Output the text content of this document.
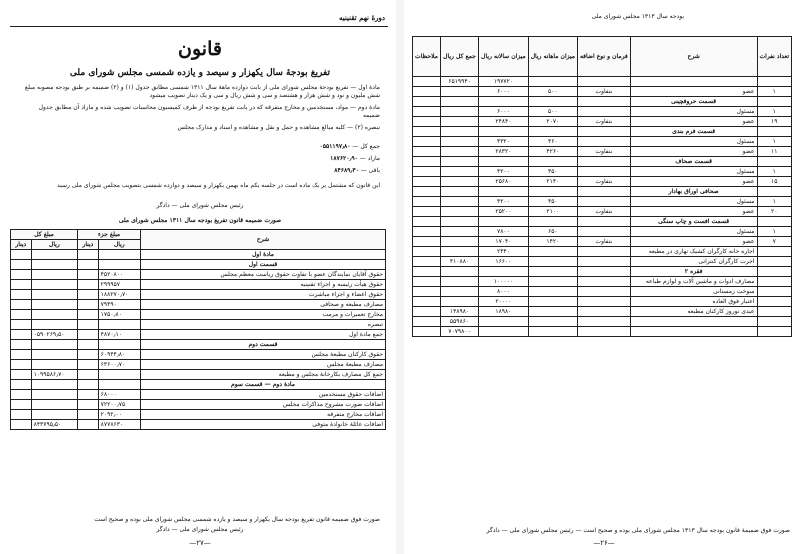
دورهٔ نهم تقنینیه
قانون
تفریغ بودجهٔ سال یکهزار و سیصد و یازده شمسی مجلس شورای ملی
مادهٔ اول — تفریغ بودجهٔ مجلس شورای ملی از بابت دوازده ماههٔ سال ۱۳۱۱ شمسی مطابق جدول (۱) و (۲) ضمیمه بر طبق بودجه مصوبه مبلغ شش ملیون و نود و شش هزار و هشتصد و سی و شش ریال و سی و یک دینار تصویب میشود
مادهٔ دوم — مواد، مستخدمین و مخارج متفرقه که در بابت تفریغ بودجه از طرف کمیسیون محاسبات تصویب شده و مازاد آن مطابق جدول ضمیمه
تبصره (۲) — کلیه مبالغ مشاهده و حمل و نقل و مشاهده و اسناد و مدارک مجلس
جمع کل — ۰۵۵۱۱۹۷٫۸۰
مازاد — ۱۸۷۶۲۰٫۹۰
باقی — ۸۴۶۸۹٫۳۰
این قانون که مشتمل بر یک ماده است در جلسه یکم ماه بهمن یکهزار و سیصد و دوازده شمسی بتصویب مجلس شورای ملی رسید
رئیس مجلس شورای ملی — دادگر
صورت ضمیمه قانون تفریغ بودجه سال ۱۳۱۱ مجلس شورای ملی
شرح	مبلغ جزء		مبلغ کل	
	ریال	دینار	ریال	دینار
مادهٔ اول				
قسمت اول				
حقوق آقایان نمایندگان عضو با تفاوت حقوق ریاست معظم مجلس	۴۵۲۰۸۰۰			
حقوق هیأت رئیسه و اجزاء تقنینیه	۲۹۹۹۵۷			
حقوق اعضاء و اجزاء مباشرت	۱۸۸۲۷۰٫۷۰			
مصارف مطبعه و صحافی	۷۹۴۹۰			
مخارج تعمیرات و مرمت	۱۷۵۰٫۸۰			
تبصره				
جمع مادهٔ اول	۴۸۷۰٫۱۰		۰۵۹۰۲۶۹٫۵۰	
قسمت دوم				
حقوق کارکنان مطبعهٔ مجلس	۶۰۹۴۴٫۸۰			
مصارف مطبعهٔ مجلس	۶۳۶۰۰٫۷۰			
جمع کل مصارف بکارخانهٔ مجلس و مطبعه			۱۰۹۹۵۸۶٫۷۰	
مادهٔ دوم — قسمت سوم				
اضافات حقوق مستخدمین	۶۸۰۰۰			
اضافات صورت مشروح مذاکرات مجلس	۷۲۲۰۰٫۷۵			
اضافات مخارج متفرقه	۲۰۹۲٫۰۰			
اضافات عائلهٔ خانوادهٔ متوفی	۸۷۷۸۶۳۰		۸۴۳۷۹۵٫۵۰	
صورت فوق ضمیمه قانون تفریغ بودجه سال یکهزار و سیصد و یازده شمسی مجلس شورای ملی بوده و صحیح است
رئیس مجلس شورای ملی — دادگر
—۲۷—
بودجه سال ۱۳۱۳ مجلس شورای ملی
تعداد نفرات	شرح	فرمان و نوع اضافه	میزان ماهانه ریال	میزان سالانه ریال	جمع کل ریال	ملاحظات
				۱۹۷۷۲۰	۶۵۱۹۹۴۰	
۱	عضو	بتفاوت	۵۰۰	۶۰۰۰		
	قسمت حروفچینی					
۱	مسئول		۵۰۰	۶۰۰۰		
۱۹	عضو	بتفاوت	۲۰۷۰	۲۴۸۴۰		
	قسمت فرم بندی					
۱	مسئول		۳۶۰	۴۳۲۰		
۱۱	عضو	بتفاوت	۴۲۶۰	۲۸۳۲۰		
	قسمت صحاف					
۱	مسئول		۳۵۰	۴۲۰۰		
۱۵	عضو	بتفاوت	۲۱۴۰	۲۵۶۸۰		
	صحافی اوراق بهادار					
۱	مسئول		۳۵۰	۴۲۰۰		
۲۰	عضو	بتفاوت	۲۱۰۰	۲۵۲۰۰		
	قسمت افست و چاپ سنگی					
۱	مسئول		۶۵۰	۷۸۰۰		
۷	عضو	بتفاوت	۱۴۲۰	۱۷۰۴۰		
	اجاره خانه کارگران کشیک نهاری در مطبعه			۲۴۴۰		
	اجرت کارگران کنترانی			۱۶۶۰۰	۴۱۰۸۸۰	
	فقره ۲					
	مصارف ادوات و ماشین آلات و لوازم طباعه			۱۰۰۰۰۰		
	سوخت زمستانی			۸۰۰۰		
	اعتبار فوق العاده			۲۰۰۰۰		
	عیدی نوروز کارکنان مطبعه			۱۸۹۸۰	۱۴۸۹۸۰	
					۵۵۹۸۶۰	
					۷۰۷۹۸۰۰	
صورت فوق ضمیمهٔ قانون بودجه سال ۱۳۱۳ مجلس شورای ملی بوده و صحیح است — رئیس مجلس شورای ملی — دادگر
—۲۶—
